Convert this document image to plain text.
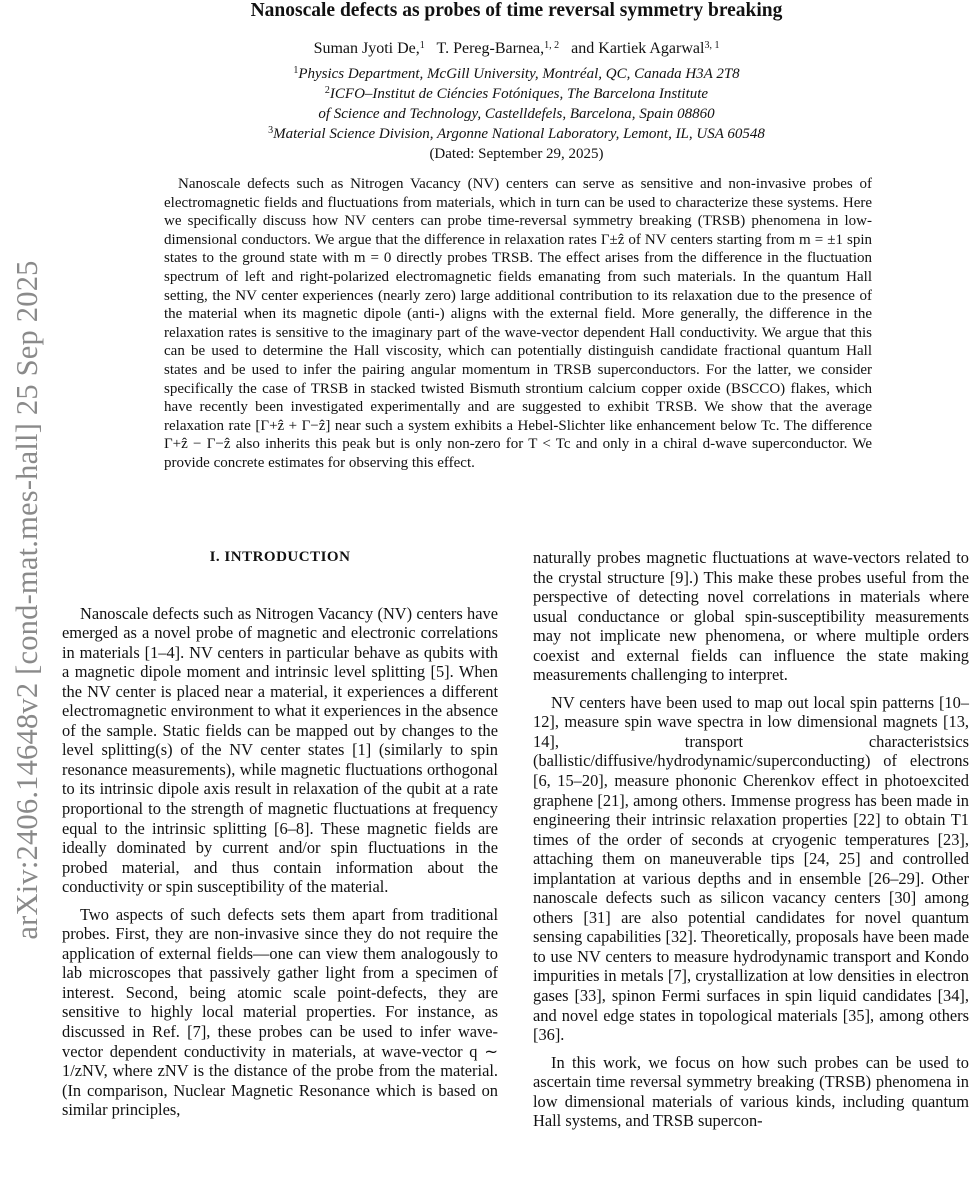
arXiv:2406.14648v2 [cond-mat.mes-hall] 25 Sep 2025
Nanoscale defects as probes of time reversal symmetry breaking
Suman Jyoti De,$^1$ T. Pereg-Barnea,$^{1, 2}$ and Kartiek Agarwal$^{3, 1}$
$^1$Physics Department, McGill University, Montréal, QC, Canada H3A 2T8
$^2$ICFO–Institut de Ciéncies Fotóniques, The Barcelona Institute
of Science and Technology, Castelldefels, Barcelona, Spain 08860
$^3$Material Science Division, Argonne National Laboratory, Lemont, IL, USA 60548
(Dated: September 29, 2025)

Nanoscale defects such as Nitrogen Vacancy (NV) centers can serve as sensitive and non-invasive probes of electromagnetic fields and fluctuations from materials, which in turn can be used to characterize these systems. Here we specifically discuss how NV centers can probe time-reversal symmetry breaking (TRSB) phenomena in low-dimensional conductors. We argue that the difference in relaxation rates Γ±ẑ of NV centers starting from m = ±1 spin states to the ground state with m = 0 directly probes TRSB. The effect arises from the difference in the fluctuation spectrum of left and right-polarized electromagnetic fields emanating from such materials. In the quantum Hall setting, the NV center experiences (nearly zero) large additional contribution to its relaxation due to the presence of the material when its magnetic dipole (anti-) aligns with the external field. More generally, the difference in the relaxation rates is sensitive to the imaginary part of the wave-vector dependent Hall conductivity. We argue that this can be used to determine the Hall viscosity, which can potentially distinguish candidate fractional quantum Hall states and be used to infer the pairing angular momentum in TRSB superconductors. For the latter, we consider specifically the case of TRSB in stacked twisted Bismuth strontium calcium copper oxide (BSCCO) flakes, which have recently been investigated experimentally and are suggested to exhibit TRSB. We show that the average relaxation rate [Γ+ẑ + Γ−ẑ] near such a system exhibits a Hebel-Slichter like enhancement below Tc. The difference Γ+ẑ − Γ−ẑ also inherits this peak but is only non-zero for T < Tc and only in a chiral d-wave superconductor. We provide concrete estimates for observing this effect.

I. INTRODUCTION

Nanoscale defects such as Nitrogen Vacancy (NV) centers have emerged as a novel probe of magnetic and electronic correlations in materials [1–4]. NV centers in particular behave as qubits with a magnetic dipole moment and intrinsic level splitting [5]. When the NV center is placed near a material, it experiences a different electromagnetic environment to what it experiences in the absence of the sample. Static fields can be mapped out by changes to the level splitting(s) of the NV center states [1] (similarly to spin resonance measurements), while magnetic fluctuations orthogonal to its intrinsic dipole axis result in relaxation of the qubit at a rate proportional to the strength of magnetic fluctuations at frequency equal to the intrinsic splitting [6–8]. These magnetic fields are ideally dominated by current and/or spin fluctuations in the probed material, and thus contain information about the conductivity or spin susceptibility of the material.

Two aspects of such defects sets them apart from traditional probes. First, they are non-invasive since they do not require the application of external fields—one can view them analogously to lab microscopes that passively gather light from a specimen of interest. Second, being atomic scale point-defects, they are sensitive to highly local material properties. For instance, as discussed in Ref. [7], these probes can be used to infer wave-vector dependent conductivity in materials, at wave-vector q ∼ 1/zNV, where zNV is the distance of the probe from the material. (In comparison, Nuclear Magnetic Resonance which is based on similar principles,

naturally probes magnetic fluctuations at wave-vectors related to the crystal structure [9].) This make these probes useful from the perspective of detecting novel correlations in materials where usual conductance or global spin-susceptibility measurements may not implicate new phenomena, or where multiple orders coexist and external fields can influence the state making measurements challenging to interpret.

NV centers have been used to map out local spin patterns [10–12], measure spin wave spectra in low dimensional magnets [13, 14], transport characteristsics (ballistic/diffusive/hydrodynamic/superconducting) of electrons [6, 15–20], measure phononic Cherenkov effect in photoexcited graphene [21], among others. Immense progress has been made in engineering their intrinsic relaxation properties [22] to obtain T1 times of the order of seconds at cryogenic temperatures [23], attaching them on maneuverable tips [24, 25] and controlled implantation at various depths and in ensemble [26–29]. Other nanoscale defects such as silicon vacancy centers [30] among others [31] are also potential candidates for novel quantum sensing capabilities [32]. Theoretically, proposals have been made to use NV centers to measure hydrodynamic transport and Kondo impurities in metals [7], crystallization at low densities in electron gases [33], spinon Fermi surfaces in spin liquid candidates [34], and novel edge states in topological materials [35], among others [36].

In this work, we focus on how such probes can be used to ascertain time reversal symmetry breaking (TRSB) phenomena in low dimensional materials of various kinds, including quantum Hall systems, and TRSB supercon-
